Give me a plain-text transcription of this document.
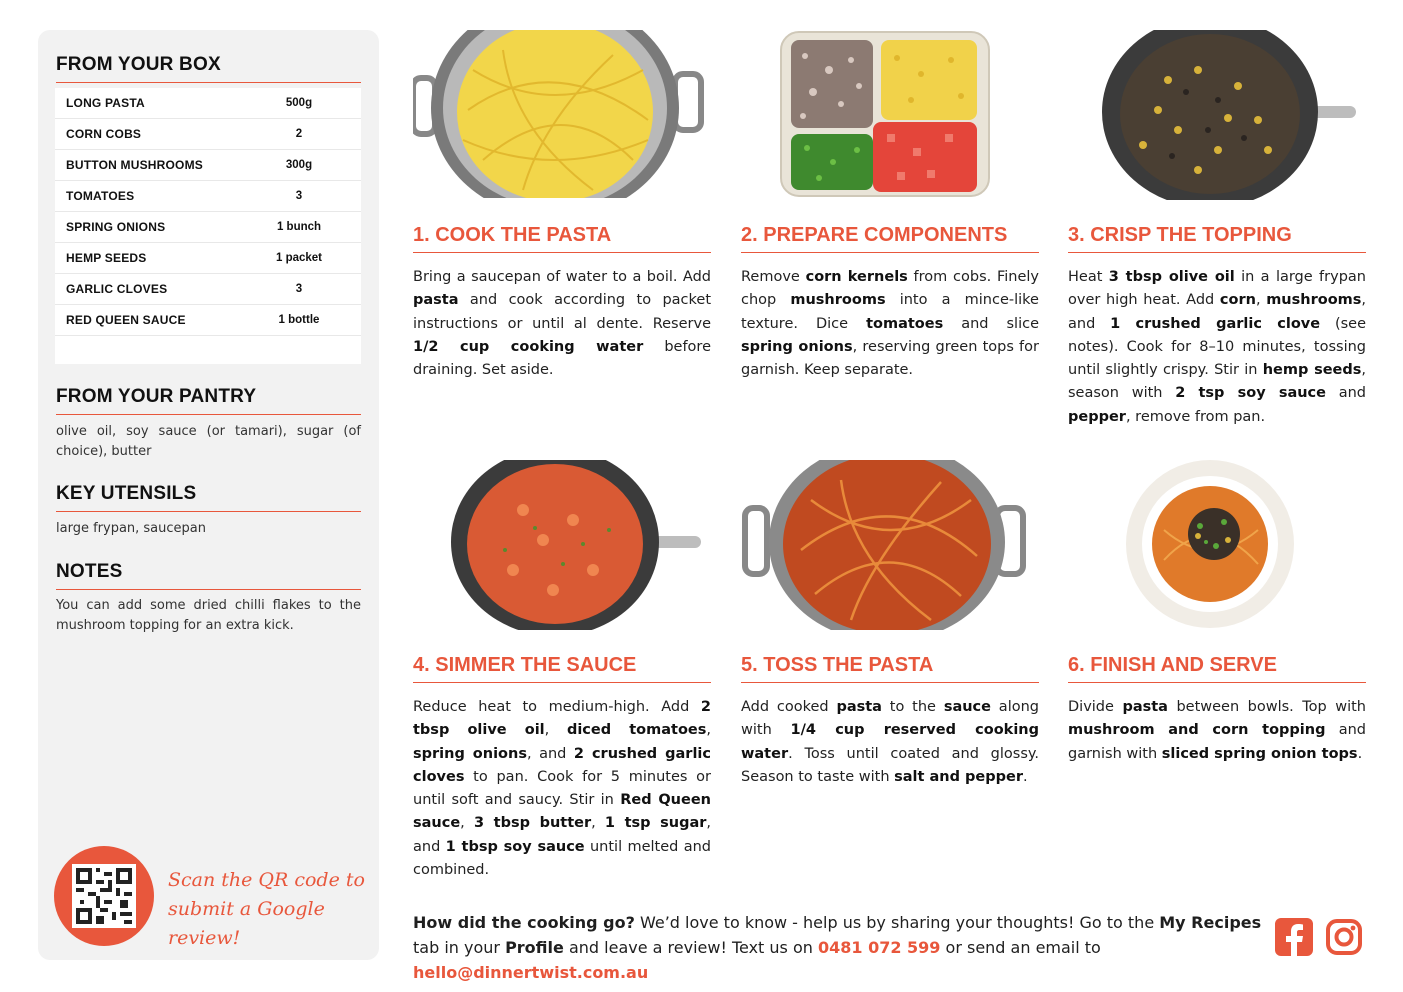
FROM YOUR BOX
LONG PASTA	500g
CORN COBS	2
BUTTON MUSHROOMS	300g
TOMATOES	3
SPRING ONIONS	1 bunch
HEMP SEEDS	1 packet
GARLIC CLOVES	3
RED QUEEN SAUCE	1 bottle
FROM YOUR PANTRY
olive oil, soy sauce (or tamari), sugar (of choice), butter
KEY UTENSILS
large frypan, saucepan
NOTES
You can add some dried chilli flakes to the mushroom topping for an extra kick.
Scan the QR code to submit a Google review!
1. COOK THE PASTA
Bring a saucepan of water to a boil. Add pasta and cook according to packet instructions or until al dente. Reserve 1/2 cup cooking water before draining. Set aside.
2. PREPARE COMPONENTS
Remove corn kernels from cobs. Finely chop mushrooms into a mince-like texture. Dice tomatoes and slice spring onions, reserving green tops for garnish. Keep separate.
3. CRISP THE TOPPING
Heat 3 tbsp olive oil in a large frypan over high heat. Add corn, mushrooms, and 1 crushed garlic clove (see notes). Cook for 8–10 minutes, tossing until slightly crispy. Stir in hemp seeds, season with 2 tsp soy sauce and pepper, remove from pan.
4. SIMMER THE SAUCE
Reduce heat to medium-high. Add 2 tbsp olive oil, diced tomatoes, spring onions, and 2 crushed garlic cloves to pan. Cook for 5 minutes or until soft and saucy. Stir in Red Queen sauce, 3 tbsp butter, 1 tsp sugar, and 1 tbsp soy sauce until melted and combined.
5. TOSS THE PASTA
Add cooked pasta to the sauce along with 1/4 cup reserved cooking water. Toss until coated and glossy. Season to taste with salt and pepper.
6. FINISH AND SERVE
Divide pasta between bowls. Top with mushroom and corn topping and garnish with sliced spring onion tops.
How did the cooking go? We’d love to know - help us by sharing your thoughts! Go to the My Recipes tab in your Profile and leave a review! Text us on 0481 072 599 or send an email to hello@dinnertwist.com.au
